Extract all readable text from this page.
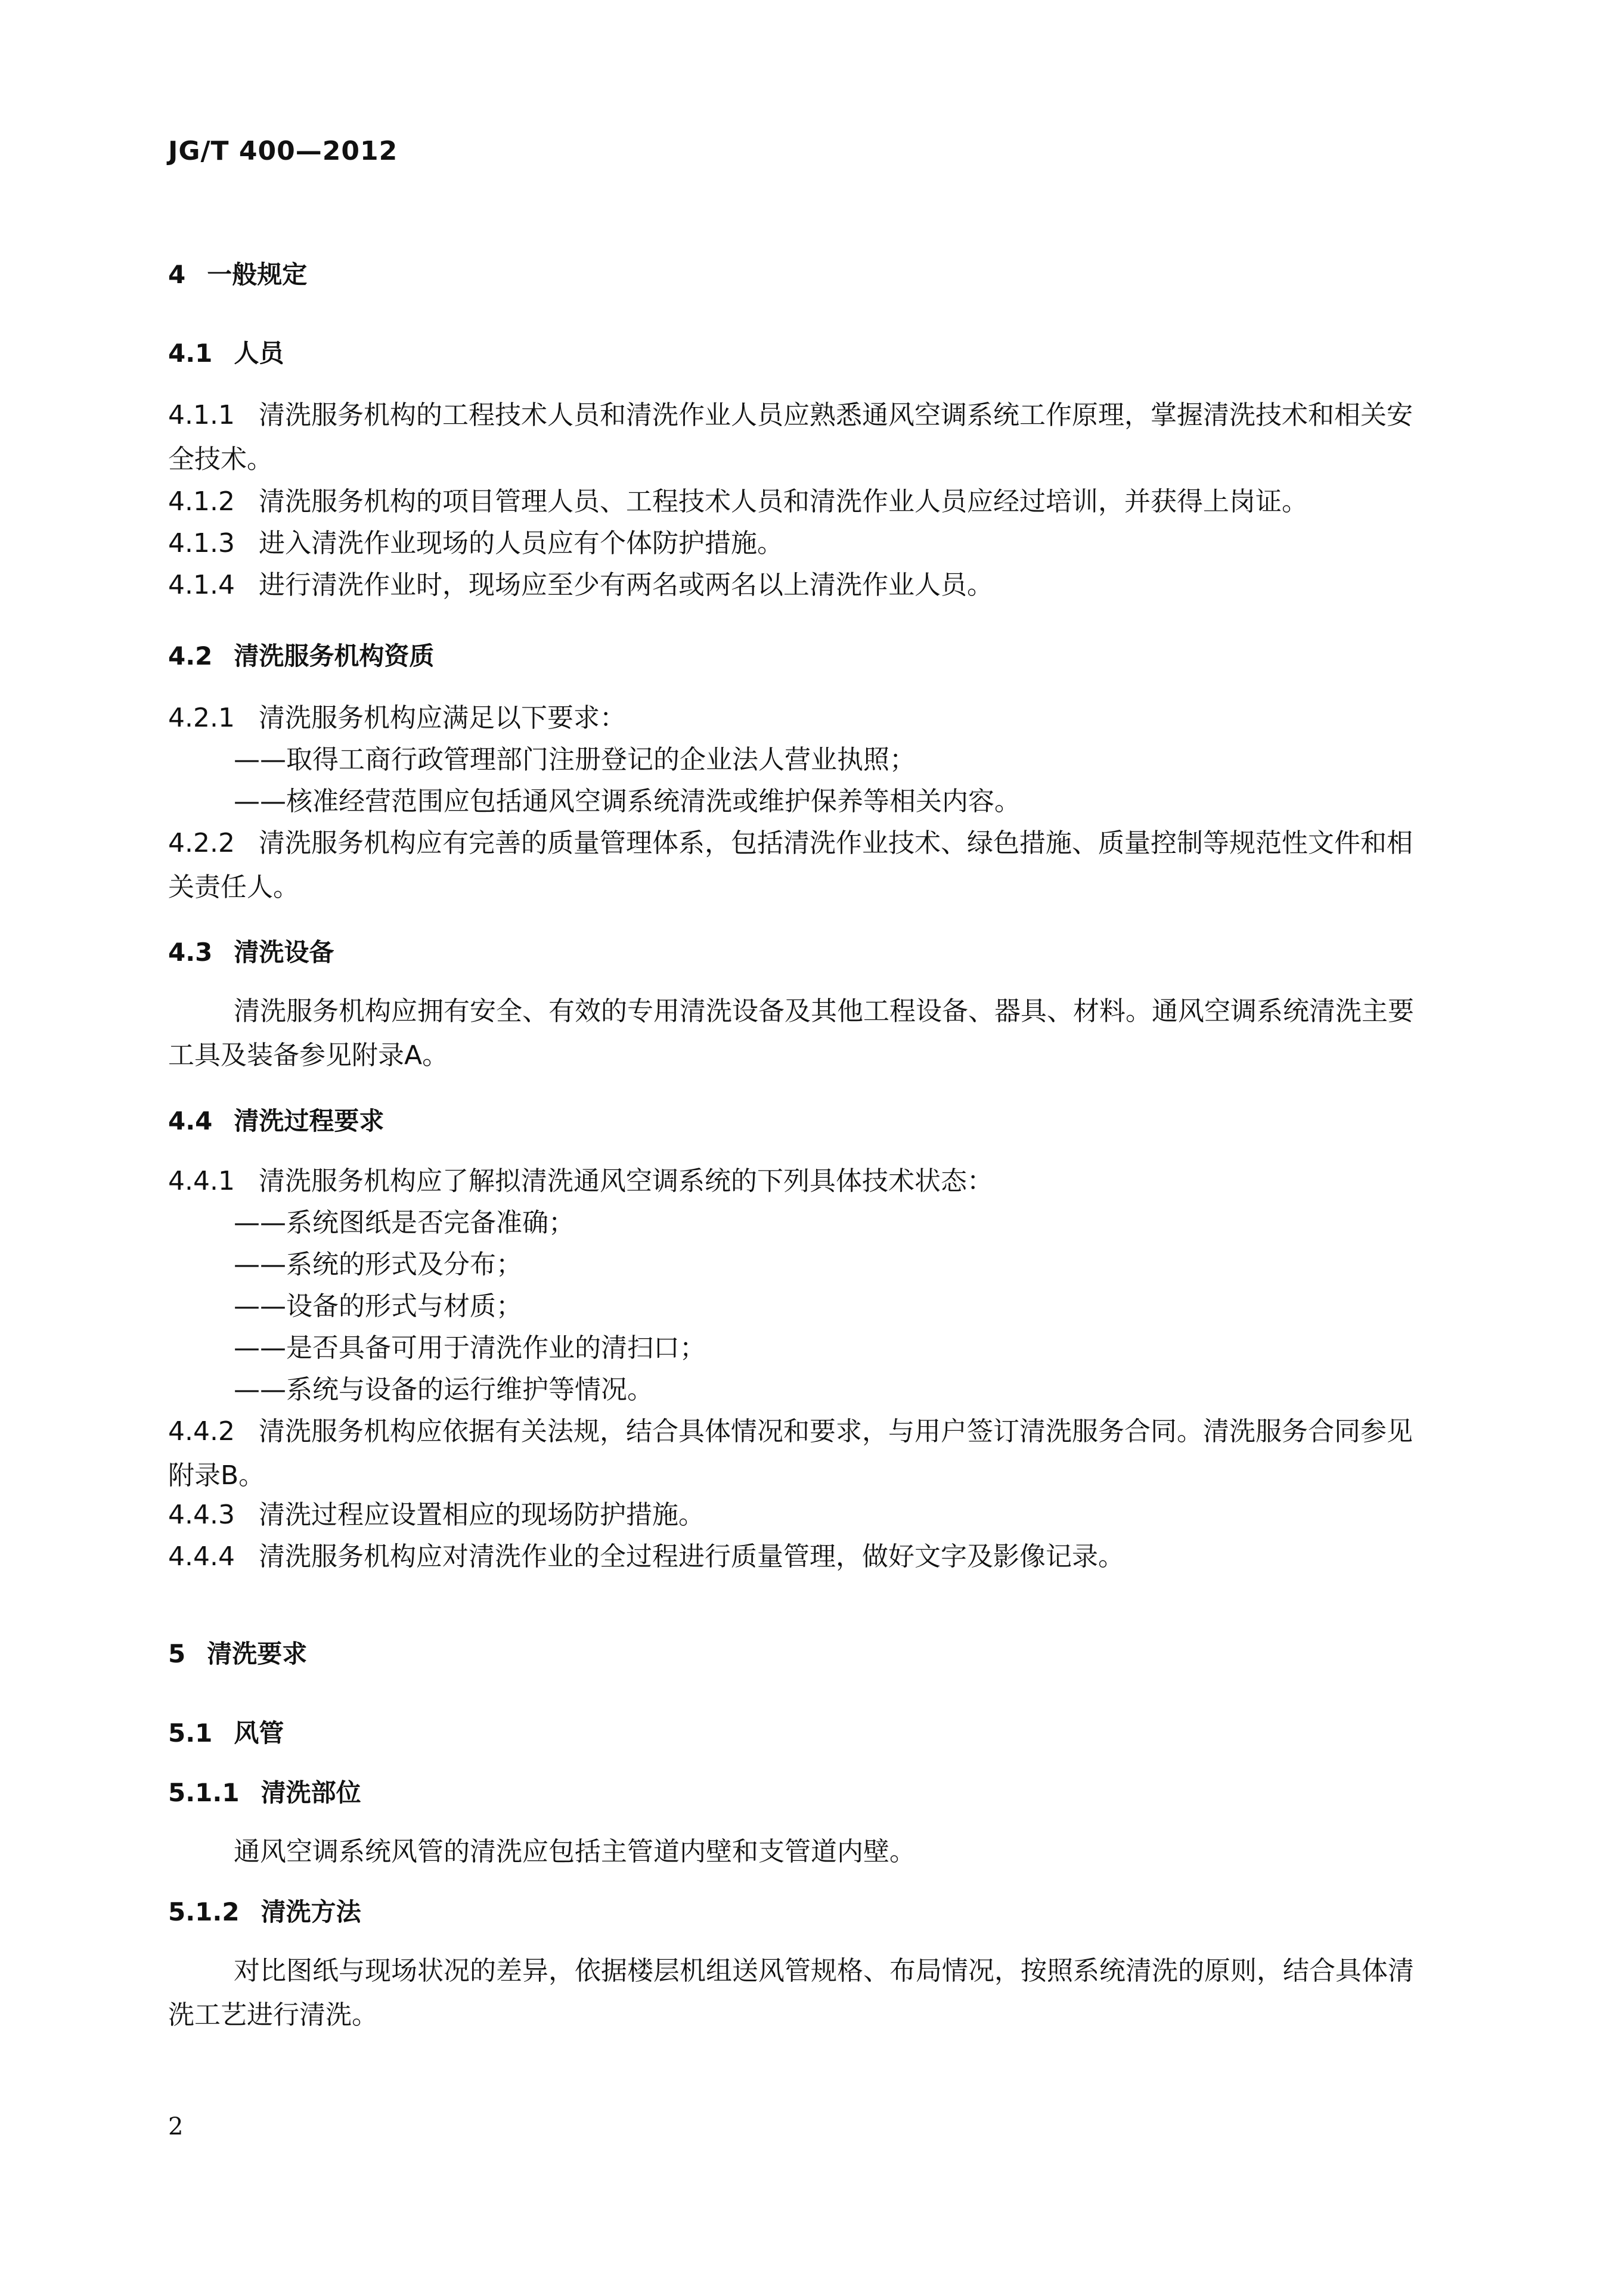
JG/T 400—2012
4 一般规定
4.1 人员
4.1.1 清洗服务机构的工程技术人员和清洗作业人员应熟悉通风空调系统工作原理，掌握清洗技术和相关安全技术。
4.1.2 清洗服务机构的项目管理人员、工程技术人员和清洗作业人员应经过培训，并获得上岗证。
4.1.3 进入清洗作业现场的人员应有个体防护措施。
4.1.4 进行清洗作业时，现场应至少有两名或两名以上清洗作业人员。
4.2 清洗服务机构资质
4.2.1 清洗服务机构应满足以下要求：
——取得工商行政管理部门注册登记的企业法人营业执照；
——核准经营范围应包括通风空调系统清洗或维护保养等相关内容。
4.2.2 清洗服务机构应有完善的质量管理体系，包括清洗作业技术、绿色措施、质量控制等规范性文件和相关责任人。
4.3 清洗设备
清洗服务机构应拥有安全、有效的专用清洗设备及其他工程设备、器具、材料。通风空调系统清洗主要工具及装备参见附录A。
4.4 清洗过程要求
4.4.1 清洗服务机构应了解拟清洗通风空调系统的下列具体技术状态：
——系统图纸是否完备准确；
——系统的形式及分布；
——设备的形式与材质；
——是否具备可用于清洗作业的清扫口；
——系统与设备的运行维护等情况。
4.4.2 清洗服务机构应依据有关法规，结合具体情况和要求，与用户签订清洗服务合同。清洗服务合同参见附录B。
4.4.3 清洗过程应设置相应的现场防护措施。
4.4.4 清洗服务机构应对清洗作业的全过程进行质量管理，做好文字及影像记录。
5 清洗要求
5.1 风管
5.1.1 清洗部位
通风空调系统风管的清洗应包括主管道内壁和支管道内壁。
5.1.2 清洗方法
对比图纸与现场状况的差异，依据楼层机组送风管规格、布局情况，按照系统清洗的原则，结合具体清洗工艺进行清洗。
2
